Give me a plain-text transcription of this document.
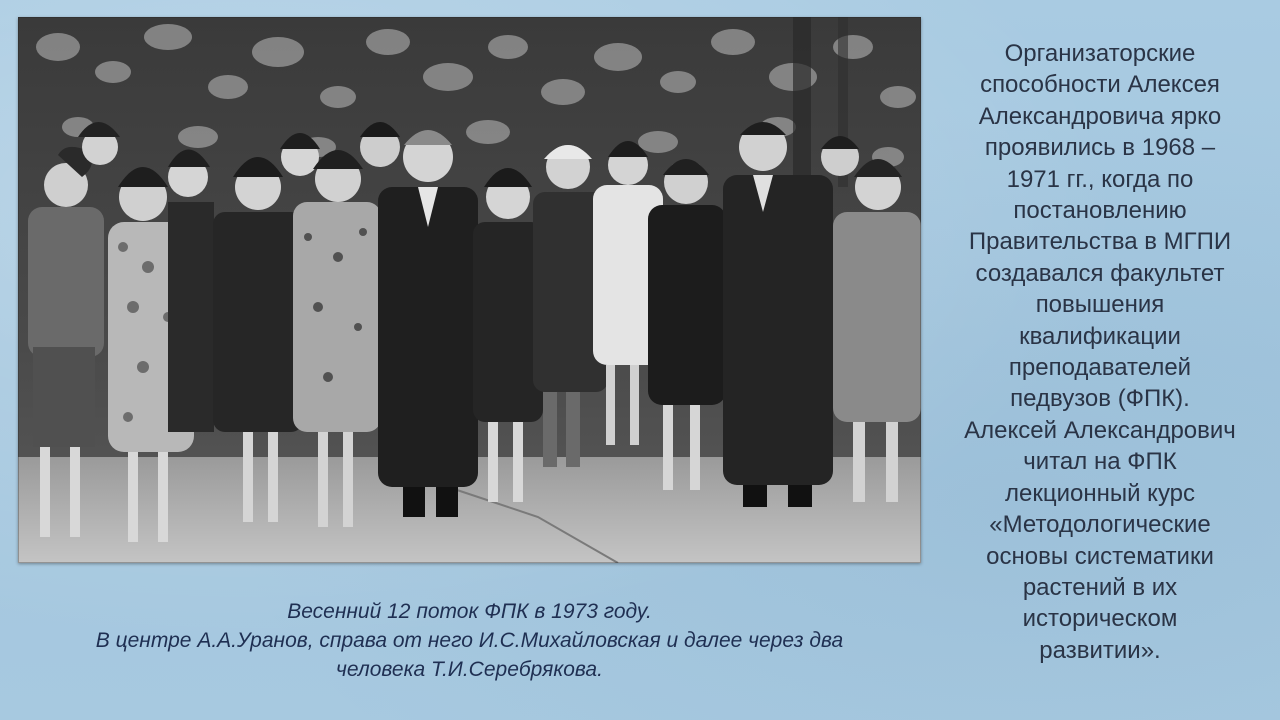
Весенний 12 поток ФПК в 1973 году.
В центре А.А.Уранов, справа от него И.С.Михайловская и далее через два
человека Т.И.Серебрякова.
Организаторские
способности Алексея
Александровича ярко
проявились в 1968 –
1971 гг., когда по
постановлению
Правительства в МГПИ
создавался факультет
повышения
квалификации
преподавателей
педвузов (ФПК).
Алексей Александрович
читал на ФПК
лекционный курс
«Методологические
основы систематики
растений в их
историческом
развитии».
